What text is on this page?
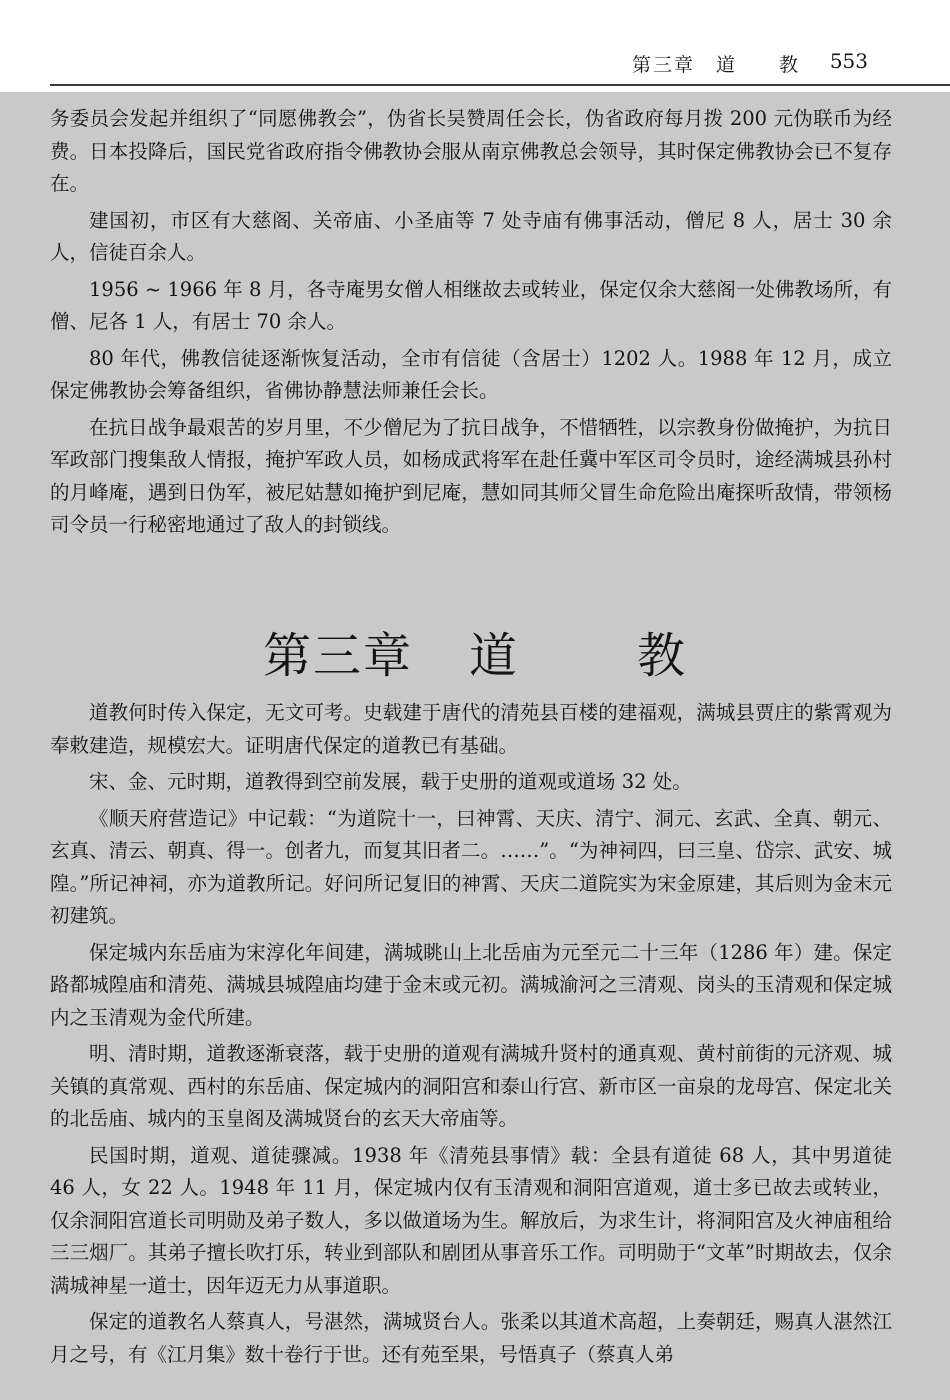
第三章　道　　教 553

务委员会发起并组织了“同愿佛教会”，伪省长吴赞周任会长，伪省政府每月拨 200 元伪联币为经费。日本投降后，国民党省政府指令佛教协会服从南京佛教总会领导，其时保定佛教协会已不复存在。

建国初，市区有大慈阁、关帝庙、小圣庙等 7 处寺庙有佛事活动，僧尼 8 人，居士 30 余人，信徒百余人。

1956 ~ 1966 年 8 月，各寺庵男女僧人相继故去或转业，保定仅余大慈阁一处佛教场所，有僧、尼各 1 人，有居士 70 余人。

80 年代，佛教信徒逐渐恢复活动，全市有信徒（含居士）1202 人。1988 年 12 月，成立保定佛教协会筹备组织，省佛协静慧法师兼任会长。

在抗日战争最艰苦的岁月里，不少僧尼为了抗日战争，不惜牺牲，以宗教身份做掩护，为抗日军政部门搜集敌人情报，掩护军政人员，如杨成武将军在赴任冀中军区司令员时，途经满城县孙村的月峰庵，遇到日伪军，被尼姑慧如掩护到尼庵，慧如同其师父冒生命危险出庵探听敌情，带领杨司令员一行秘密地通过了敌人的封锁线。

第三章 道 教

道教何时传入保定，无文可考。史载建于唐代的清苑县百楼的建福观，满城县贾庄的紫霄观为奉敕建造，规模宏大。证明唐代保定的道教已有基础。

宋、金、元时期，道教得到空前发展，载于史册的道观或道场 32 处。

《顺天府营造记》中记载：“为道院十一，曰神霄、天庆、清宁、洞元、玄武、全真、朝元、玄真、清云、朝真、得一。创者九，而复其旧者二。……”。“为神祠四，曰三皇、岱宗、武安、城隍。”所记神祠，亦为道教所记。好问所记复旧的神霄、天庆二道院实为宋金原建，其后则为金末元初建筑。

保定城内东岳庙为宋淳化年间建，满城眺山上北岳庙为元至元二十三年（1286 年）建。保定路都城隍庙和清苑、满城县城隍庙均建于金末或元初。满城渝河之三清观、岗头的玉清观和保定城内之玉清观为金代所建。

明、清时期，道教逐渐衰落，载于史册的道观有满城升贤村的通真观、黄村前街的元济观、城关镇的真常观、西村的东岳庙、保定城内的洞阳宫和泰山行宫、新市区一亩泉的龙母宫、保定北关的北岳庙、城内的玉皇阁及满城贤台的玄天大帝庙等。

民国时期，道观、道徒骤减。1938 年《清苑县事情》载：全县有道徒 68 人，其中男道徒 46 人，女 22 人。1948 年 11 月，保定城内仅有玉清观和洞阳宫道观，道士多已故去或转业，仅余洞阳宫道长司明勋及弟子数人，多以做道场为生。解放后，为求生计，将洞阳宫及火神庙租给三三烟厂。其弟子擅长吹打乐，转业到部队和剧团从事音乐工作。司明勋于“文革”时期故去，仅余满城神星一道士，因年迈无力从事道职。

保定的道教名人蔡真人，号湛然，满城贤台人。张柔以其道术高超，上奏朝廷，赐真人湛然江月之号，有《江月集》数十卷行于世。还有苑至果，号悟真子（蔡真人弟
